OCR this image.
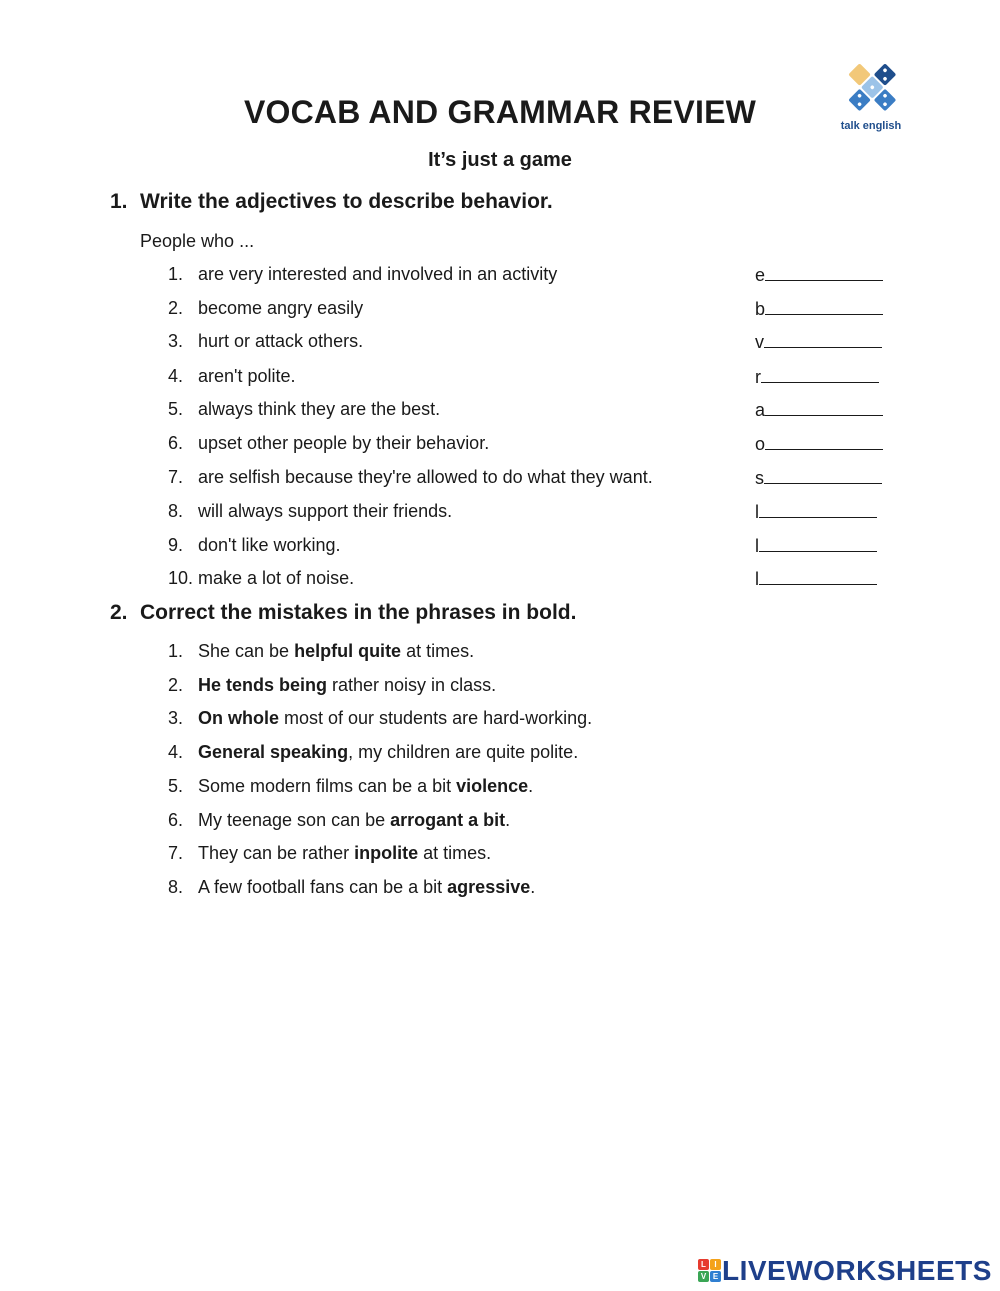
talk english
VOCAB AND GRAMMAR REVIEW
It’s just a game
1. Write the adjectives to describe behavior.
People who ...
1. are very interested and involved in an activity	e
2. become angry easily	b
3. hurt or attack others.	v
4. aren't polite.	r
5. always think they are the best.	a
6. upset other people by their behavior.	o
7. are selfish because they're allowed to do what they want.	s
8. will always support their friends.	l
9. don't like working.	l
10. make a lot of noise.	l
2. Correct the mistakes in the phrases in bold.
1. She can be helpful quite at times.
2. He tends being rather noisy in class.
3. On whole most of our students are hard-working.
4. General speaking, my children are quite polite.
5. Some modern films can be a bit violence.
6. My teenage son can be arrogant a bit.
7. They can be rather inpolite at times.
8. A few football fans can be a bit agressive.
L	I
V E LIVEWORKSHEETS
